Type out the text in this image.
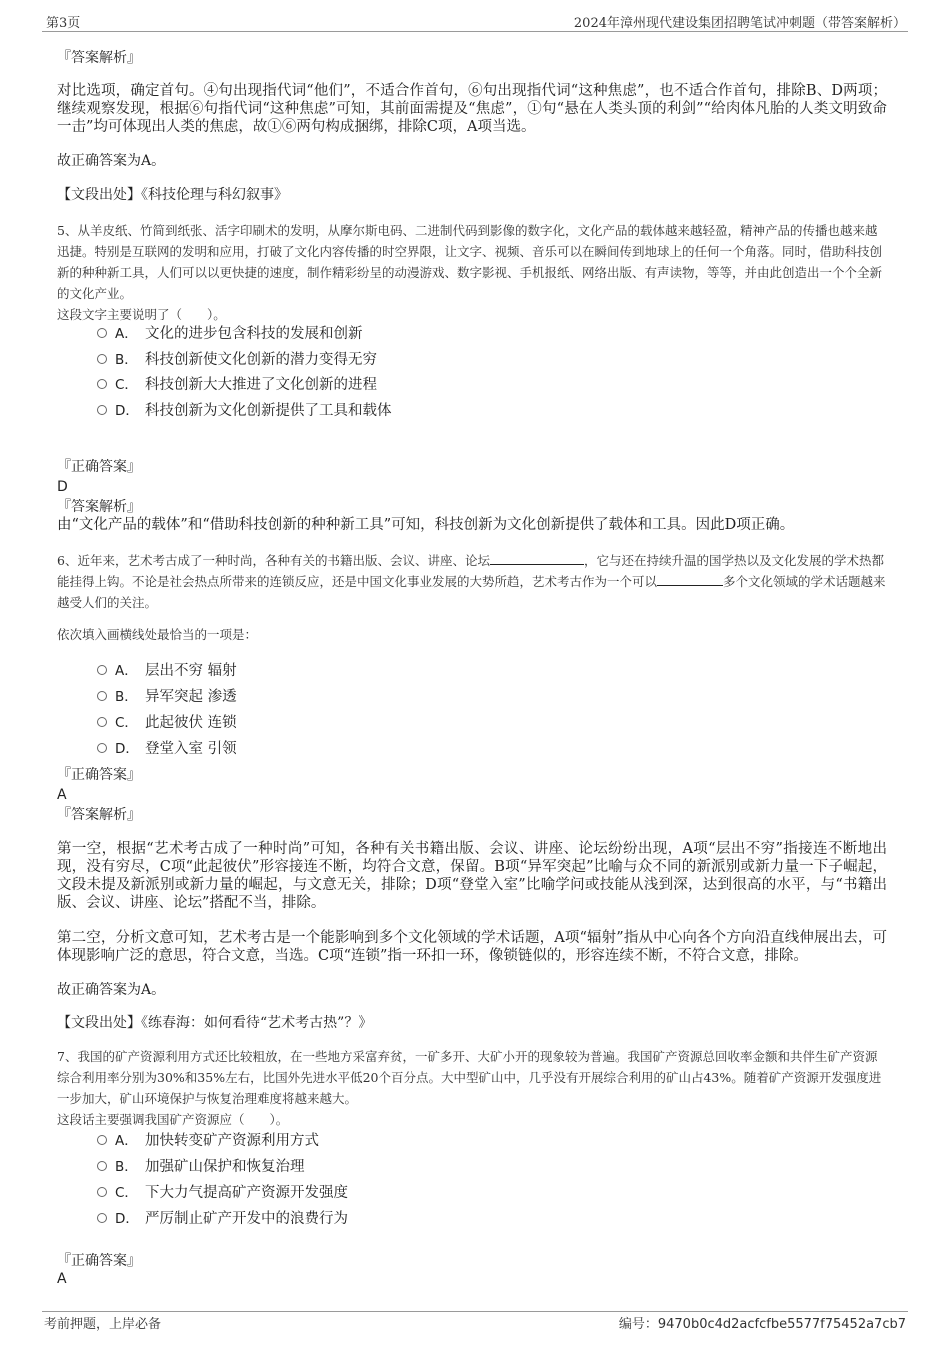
第3页	2024年漳州现代建设集团招聘笔试冲刺题（带答案解析）
『答案解析』
对比选项，确定首句。④句出现指代词“他们”，不适合作首句，⑥句出现指代词“这种焦虑”，也不适合作首句，排除B、D两项；继续观察发现，根据⑥句指代词“这种焦虑”可知，其前面需提及“焦虑”，①句“悬在人类头顶的利剑”“给肉体凡胎的人类文明致命一击”均可体现出人类的焦虑，故①⑥两句构成捆绑，排除C项，A项当选。
故正确答案为A。
【文段出处】《科技伦理与科幻叙事》
5、从羊皮纸、竹简到纸张、活字印刷术的发明，从摩尔斯电码、二进制代码到影像的数字化，文化产品的载体越来越轻盈，精神产品的传播也越来越迅捷。特别是互联网的发明和应用，打破了文化内容传播的时空界限，让文字、视频、音乐可以在瞬间传到地球上的任何一个角落。同时，借助科技创新的种种新工具，人们可以以更快捷的速度，制作精彩纷呈的动漫游戏、数字影视、手机报纸、网络出版、有声读物，等等，并由此创造出一个个全新的文化产业。
这段文字主要说明了（　　）。
A． 文化的进步包含科技的发展和创新
B． 科技创新使文化创新的潜力变得无穷
C． 科技创新大大推进了文化创新的进程
D． 科技创新为文化创新提供了工具和载体
『正确答案』
D
『答案解析』
由“文化产品的载体”和“借助科技创新的种种新工具”可知，科技创新为文化创新提供了载体和工具。因此D项正确。
6、近年来，艺术考古成了一种时尚，各种有关的书籍出版、会议、讲座、论坛	，它与还在持续升温的国学热以及文化发展的学术热都能挂得上钩。不论是社会热点所带来的连锁反应，还是中国文化事业发展的大势所趋，艺术考古作为一个可以	多个文化领域的学术话题越来越受人们的关注。
依次填入画横线处最恰当的一项是：
A． 层出不穷 辐射
B． 异军突起 渗透
C． 此起彼伏 连锁
D． 登堂入室 引领
『正确答案』
A
『答案解析』
第一空，根据“艺术考古成了一种时尚”可知，各种有关书籍出版、会议、讲座、论坛纷纷出现，A项“层出不穷”指接连不断地出现，没有穷尽，C项“此起彼伏”形容接连不断，均符合文意，保留。B项“异军突起”比喻与众不同的新派别或新力量一下子崛起，文段未提及新派别或新力量的崛起，与文意无关，排除；D项“登堂入室”比喻学问或技能从浅到深，达到很高的水平，与“书籍出版、会议、讲座、论坛”搭配不当，排除。
第二空，分析文意可知，艺术考古是一个能影响到多个文化领域的学术话题，A项“辐射”指从中心向各个方向沿直线伸展出去，可体现影响广泛的意思，符合文意，当选。C项“连锁”指一环扣一环，像锁链似的，形容连续不断，不符合文意，排除。
故正确答案为A。
【文段出处】《练春海：如何看待“艺术考古热”？》
7、我国的矿产资源利用方式还比较粗放，在一些地方采富弃贫，一矿多开、大矿小开的现象较为普遍。我国矿产资源总回收率金额和共伴生矿产资源综合利用率分别为30%和35%左右，比国外先进水平低20个百分点。大中型矿山中，几乎没有开展综合利用的矿山占43%。随着矿产资源开发强度进一步加大，矿山环境保护与恢复治理难度将越来越大。
这段话主要强调我国矿产资源应（　　）。
A． 加快转变矿产资源利用方式
B． 加强矿山保护和恢复治理
C． 下大力气提高矿产资源开发强度
D． 严厉制止矿产开发中的浪费行为
『正确答案』
A
考前押题，上岸必备	编号：9470b0c4d2acfcfbe5577f75452a7cb7
